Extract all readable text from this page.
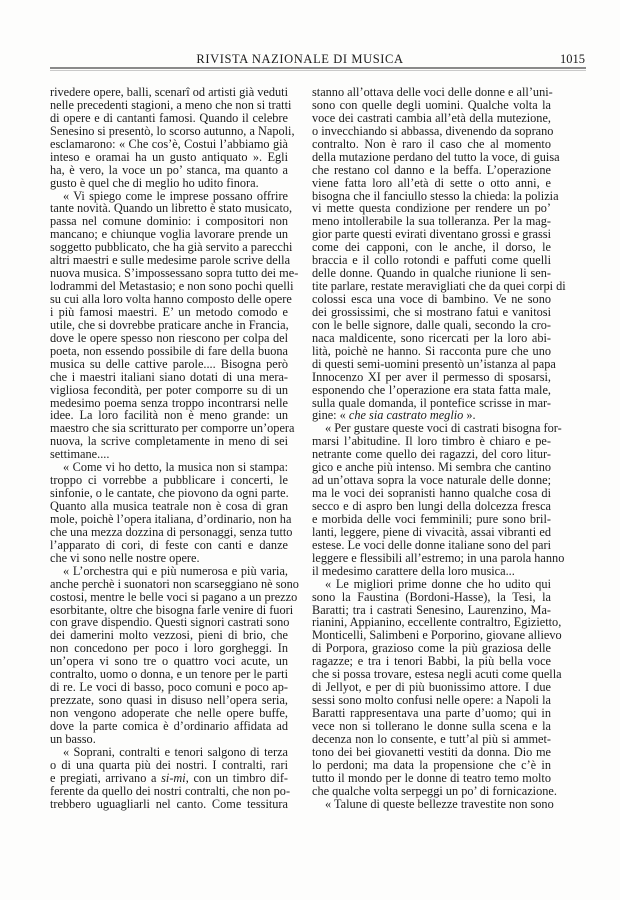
RIVISTA NAZIONALE DI MUSICA	1015
rivedere opere, balli, scenarî od artisti già veduti
nelle precedenti stagioni, a meno che non si tratti
di opere e di cantanti famosi. Quando il celebre
Senesino si presentò, lo scorso autunno, a Napoli,
esclamarono: « Che cos’è, Costui l’abbiamo già
inteso e oramai ha un gusto antiquato ». Egli
ha, è vero, la voce un po’ stanca, ma quanto a
gusto è quel che di meglio ho udito finora.
« Vi spiego come le imprese possano offrire
tante novità. Quando un libretto è stato musicato,
passa nel comune dominio: i compositori non
mancano; e chiunque voglia lavorare prende un
soggetto pubblicato, che ha già servito a parecchi
altri maestri e sulle medesime parole scrive della
nuova musica. S’impossessano sopra tutto dei me-
lodrammi del Metastasio; e non sono pochi quelli
su cui alla loro volta hanno composto delle opere
i più famosi maestri. E’ un metodo comodo e
utile, che si dovrebbe praticare anche in Francia,
dove le opere spesso non riescono per colpa del
poeta, non essendo possibile di fare della buona
musica su delle cattive parole.... Bisogna però
che i maestri italiani siano dotati di una mera-
vigliosa fecondità, per poter comporre su di un
medesimo poema senza troppo incontrarsi nelle
idee. La loro facilità non è meno grande: un
maestro che sia scritturato per comporre un’opera
nuova, la scrive completamente in meno di sei
settimane....
« Come vi ho detto, la musica non si stampa:
troppo ci vorrebbe a pubblicare i concerti, le
sinfonie, o le cantate, che piovono da ogni parte.
Quanto alla musica teatrale non è cosa di gran
mole, poichè l’opera italiana, d’ordinario, non ha
che una mezza dozzina di personaggi, senza tutto
l’apparato di cori, di feste con canti e danze
che vi sono nelle nostre opere.
« L’orchestra qui e più numerosa e più varia,
anche perchè i suonatori non scarseggiano nè sono
costosi, mentre le belle voci si pagano a un prezzo
esorbitante, oltre che bisogna farle venire di fuori
con grave dispendio. Questi signori castrati sono
dei damerini molto vezzosi, pieni di brio, che
non concedono per poco i loro gorgheggi. In
un’opera vi sono tre o quattro voci acute, un
contralto, uomo o donna, e un tenore per le parti
di re. Le voci di basso, poco comuni e poco ap-
prezzate, sono quasi in disuso nell’opera seria,
non vengono adoperate che nelle opere buffe,
dove la parte comica è d’ordinario affidata ad
un basso.
« Soprani, contralti e tenori salgono di terza
o di una quarta più dei nostri. I contralti, rari
e pregiati, arrivano a si-mi, con un timbro dif-
ferente da quello dei nostri contralti, che non po-
trebbero uguagliarli nel canto. Come tessitura
stanno all’ottava delle voci delle donne e all’uni-
sono con quelle degli uomini. Qualche volta la
voce dei castrati cambia all’età della mutezione,
o invecchiando si abbassa, divenendo da soprano
contralto. Non è raro il caso che al momento
della mutazione perdano del tutto la voce, di guisa
che restano col danno e la beffa. L’operazione
viene fatta loro all’età di sette o otto anni, e
bisogna che il fanciullo stesso la chieda: la polizia
vi mette questa condizione per rendere un po’
meno intollerabile la sua tolleranza. Per la mag-
gior parte questi evirati diventano grossi e grassi
come dei capponi, con le anche, il dorso, le
braccia e il collo rotondi e paffuti come quelli
delle donne. Quando in qualche riunione li sen-
tite parlare, restate meravigliati che da quei corpi di
colossi esca una voce di bambino. Ve ne sono
dei grossissimi, che si mostrano fatui e vanitosi
con le belle signore, dalle quali, secondo la cro-
naca maldicente, sono ricercati per la loro abi-
lità, poichè ne hanno. Si racconta pure che uno
di questi semi-uomini presentò un’istanza al papa
Innocenzo XI per aver il permesso di sposarsi,
esponendo che l’operazione era stata fatta male,
sulla quale domanda, il pontefice scrisse in mar-
gine: « che sia castrato meglio ».
« Per gustare queste voci di castrati bisogna for-
marsi l’abitudine. Il loro timbro è chiaro e pe-
netrante come quello dei ragazzi, del coro litur-
gico e anche più intenso. Mi sembra che cantino
ad un’ottava sopra la voce naturale delle donne;
ma le voci dei sopranisti hanno qualche cosa di
secco e di aspro ben lungi della dolcezza fresca
e morbida delle voci femminili; pure sono bril-
lanti, leggere, piene di vivacità, assai vibranti ed
estese. Le voci delle donne italiane sono del pari
leggere e flessibili all’estremo; in una parola hanno
il medesimo carattere della loro musica...
« Le migliori prime donne che ho udito qui
sono la Faustina (Bordoni-Hasse), la Tesi, la
Baratti; tra i castrati Senesino, Laurenzino, Ma-
rianini, Appianino, eccellente contraltro, Egizietto,
Monticelli, Salimbeni e Porporino, giovane allievo
di Porpora, grazioso come la più graziosa delle
ragazze; e tra i tenori Babbi, la più bella voce
che si possa trovare, estesa negli acuti come quella
di Jellyot, e per di più buonissimo attore. I due
sessi sono molto confusi nelle opere: a Napoli la
Baratti rappresentava una parte d’uomo; qui in
vece non si tollerano le donne sulla scena e la
decenza non lo consente, e tutt’al più si ammet-
tono dei bei giovanetti vestiti da donna. Dio me
lo perdoni; ma data la propensione che c’è in
tutto il mondo per le donne di teatro temo molto
che qualche volta serpeggi un po’ di fornicazione.
« Talune di queste bellezze travestite non sono
